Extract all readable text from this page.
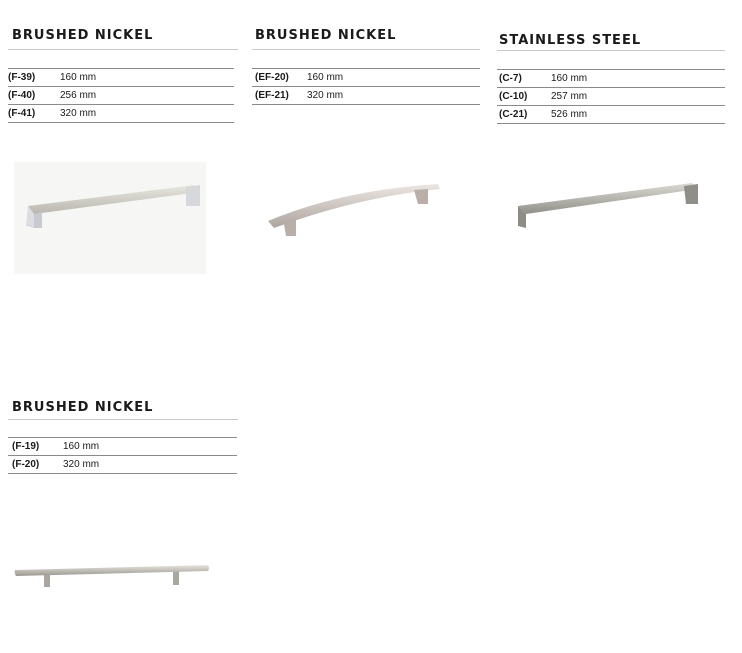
BRUSHED NICKEL
(F-39) 160 mm
(F-40) 256 mm
(F-41) 320 mm
BRUSHED NICKEL
(EF-20) 160 mm
(EF-21) 320 mm
STAINLESS STEEL
(C-7)	160 mm
(C-10) 257 mm
(C-21) 526 mm
BRUSHED NICKEL
(F-19) 160 mm
(F-20) 320 mm
